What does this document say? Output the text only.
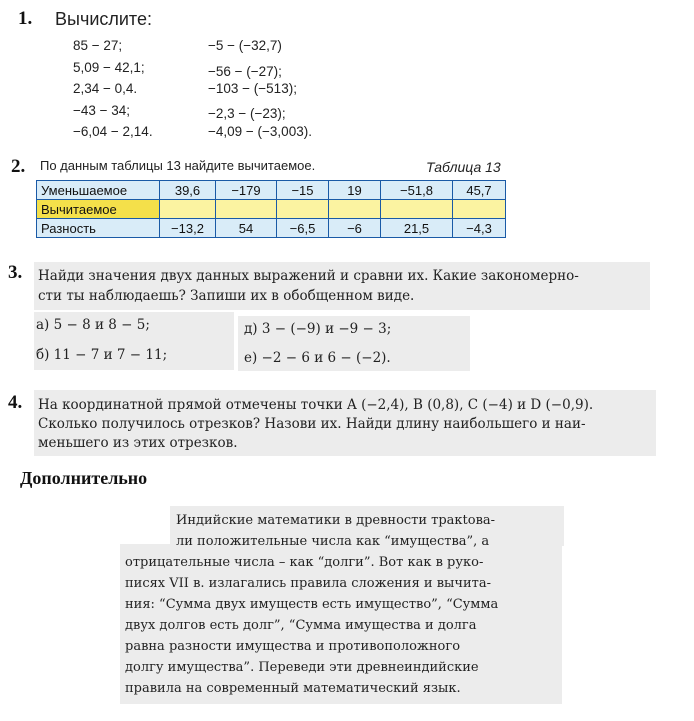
1. Вычислите:
85 − 27;
5,09 − 42,1;
2,34 − 0,4.
−43 − 34;
−6,04 − 2,14.
−5 − (−32,7)
−56 − (−27);
−103 − (−513);
−2,3 − (−23);
−4,09 − (−3,003).
2. По данным таблицы 13 найдите вычитаемое.	Таблица 13
Уменьшаемое	39,6	−179	−15	19	−51,8	45,7
Вычитаемое						
Разность	−13,2	54	−6,5	−6	21,5	−4,3
3. Найди значения двух данных выражений и сравни их. Какие закономерно-
сти ты наблюдаешь? Запиши их в обобщенном виде.
а) 5 − 8 и 8 − 5;
б) 11 − 7 и 7 − 11;
д) 3 − (−9) и −9 − 3;
е) −2 − 6 и 6 − (−2).
4. На координатной прямой отмечены точки A (−2,4), B (0,8), C (−4) и D (−0,9).
Сколько получилось отрезков? Назови их. Найди длину наибольшего и наи-
меньшего из этих отрезков.
Дополнительно
Индийские математики в древности тракtова-
ли положительные числа как “имущества”, а
отрицательные числа – как “долги”. Вот как в руко-
писях VII в. излагались правила сложения и вычита-
ния: “Сумма двух имуществ есть имущество”, “Сумма
двух долгов есть долг”, “Сумма имущества и долга
равна разности имущества и противоположного
долгу имущества”. Переведи эти древнеиндийские
правила на современный математический язык.
